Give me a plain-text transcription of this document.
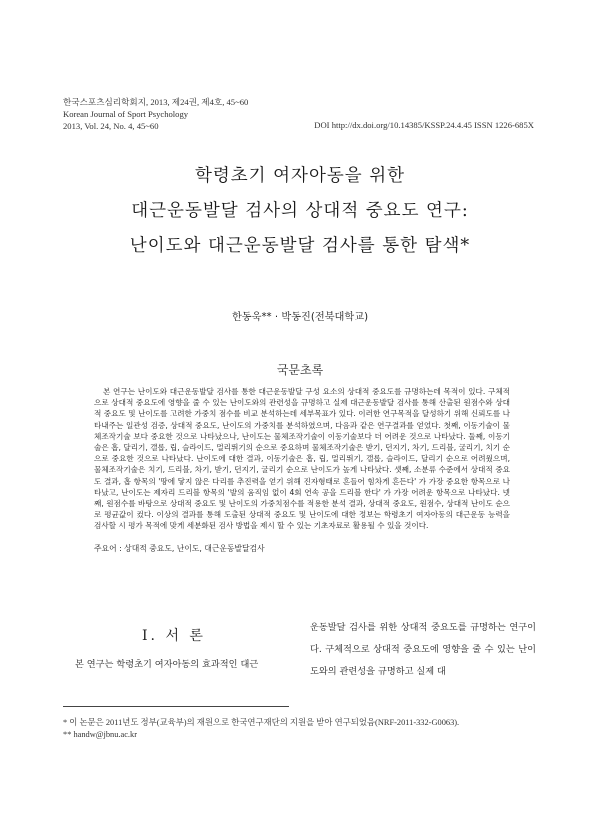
한국스포츠심리학회지, 2013, 제24권, 제4호, 45~60
Korean Journal of Sport Psychology
2013, Vol. 24, No. 4, 45~60	DOI http://dx.doi.org/10.14385/KSSP.24.4.45 ISSN 1226-685X
학령초기 여자아동을 위한
대근운동발달 검사의 상대적 중요도 연구:
난이도와 대근운동발달 검사를 통한 탐색*
한동욱** · 박동진(전북대학교)
국문초록

본 연구는 난이도와 대근운동발달 검사를 통한 대근운동발달 구성 요소의 상대적 중요도를 규명하는데 목적이 있다. 구체적으로 상대적 중요도에 영향을 줄 수 있는 난이도와의 관련성을 규명하고 실제 대근운동발달 검사를 통해 산출된 원점수와 상대적 중요도 및 난이도를 고려한 가중치 점수를 비교 분석하는데 세부목표가 있다. 이러한 연구목적을 달성하기 위해 신뢰도를 나타내주는 일관성 검증, 상대적 중요도, 난이도의 가중치를 분석하였으며, 다음과 같은 연구결과를 얻었다. 첫째, 이동기술이 물체조작기술 보다 중요한 것으로 나타났으나, 난이도는 물체조작기술이 이동기술보다 더 어려운 것으로 나타났다. 둘째, 이동기술은 홉, 달리기, 갤롭, 립, 슬라이드, 멀리뛰기의 순으로 중요하며 물체조작기술은 받기, 던지기, 차기, 드리블, 굴리기, 치기 순으로 중요한 것으로 나타났다. 난이도에 대한 결과, 이동기술은 홉, 립, 멀리뛰기, 갤롭, 슬라이드, 달리기 순으로 어려웠으며, 물체조작기술은 치기, 드리블, 차기, 받기, 던지기, 굴리기 순으로 난이도가 높게 나타났다. 셋째, 소분류 수준에서 상대적 중요도 결과, 홉 항목의 '땅에 닿지 않은 다리를 추진력을 얻기 위해 진자형태로 흔들어 힘차게 흔든다' 가 가장 중요한 항목으로 나타났고, 난이도는 제자리 드리블 항목의 '발의 움직임 없이 4회 연속 공을 드리블 한다' 가 가장 어려운 항목으로 나타났다. 넷째, 원점수를 바탕으로 상대적 중요도 및 난이도의 가중치점수를 적용한 분석 결과, 상대적 중요도, 원점수, 상대적 난이도 순으로 평균값이 컸다. 이상의 결과를 통해 도출된 상대적 중요도 및 난이도에 대한 정보는 학령초기 여자아동의 대근운동 능력을 검사할 시 평가 목적에 맞게 세분화된 검사 방법을 제시 할 수 있는 기초자료로 활용될 수 있을 것이다.

주요어 : 상대적 중요도, 난이도, 대근운동발달검사
Ⅰ. 서 론

본 연구는 학령초기 여자아동의 효과적인 대근

운동발달 검사를 위한 상대적 중요도를 규명하는 연구이다. 구체적으로 상대적 중요도에 영향을 줄 수 있는 난이도와의 관련성을 규명하고 실제 대

* 이 논문은 2011년도 정부(교육부)의 재원으로 한국연구재단의 지원을 받아 연구되었음(NRF-2011-332-G0063).
** handw@jbnu.ac.kr
